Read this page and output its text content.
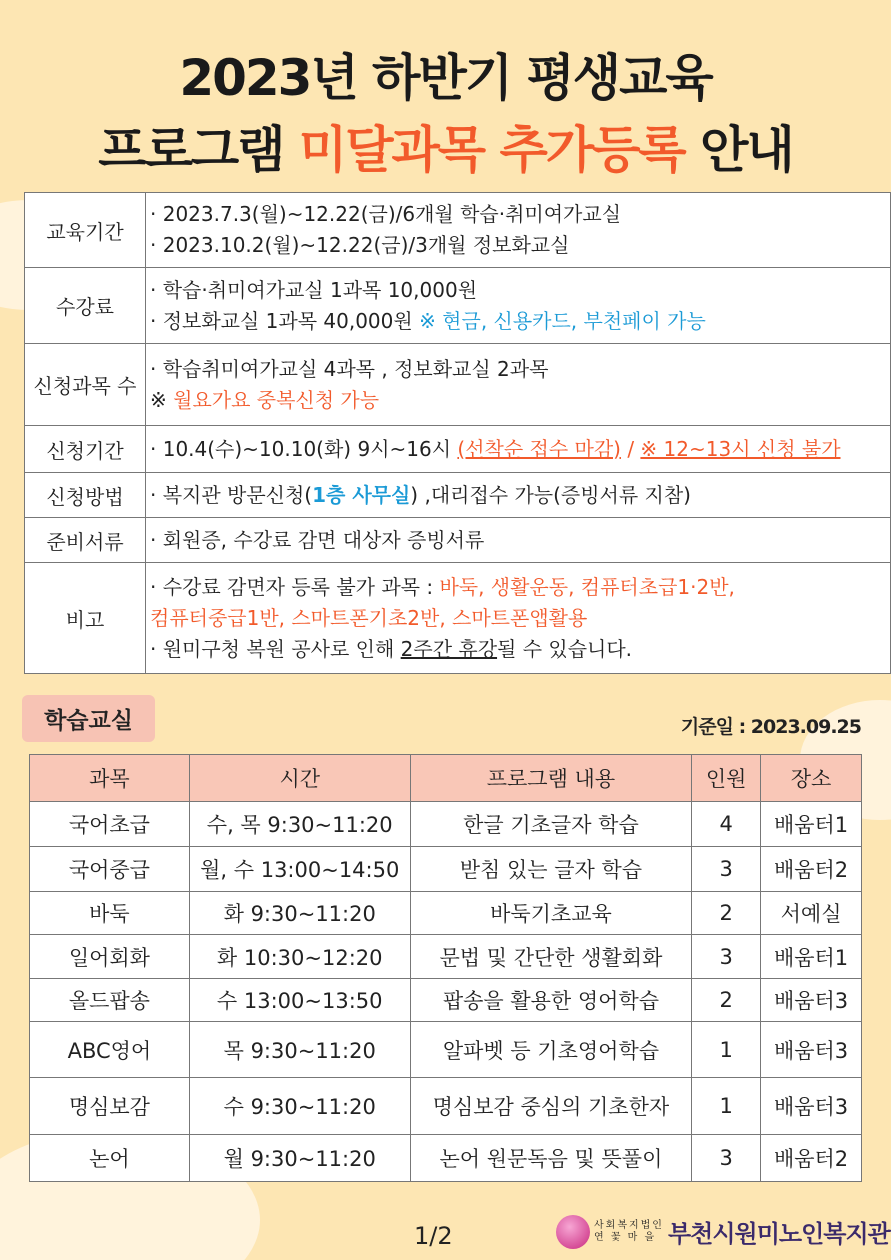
2023년 하반기 평생교육
프로그램 미달과목 추가등록 안내
교육기간	· 2023.7.3(월)~12.22(금)/6개월 학습·취미여가교실
· 2023.10.2(월)~12.22(금)/3개월 정보화교실

수강료	· 학습·취미여가교실 1과목 10,000원
· 정보화교실 1과목 40,000원 ※ 현금, 신용카드, 부천페이 가능

신청과목 수	· 학습취미여가교실 4과목 , 정보화교실 2과목
※ 월요가요 중복신청 가능

신청기간	· 10.4(수)~10.10(화) 9시~16시 (선착순 접수 마감) / ※ 12~13시 신청 불가
신청방법	· 복지관 방문신청(1층 사무실) ,대리접수 가능(증빙서류 지참)
준비서류	· 회원증, 수강료 감면 대상자 증빙서류
비고	· 수강료 감면자 등록 불가 과목 : 바둑, 생활운동, 컴퓨터초급1·2반,
컴퓨터중급1반, 스마트폰기초2반, 스마트폰앱활용
· 원미구청 복원 공사로 인해 2주간 휴강될 수 있습니다.
학습교실	기준일 : 2023.09.25
과목	시간	프로그램 내용	인원	장소
국어초급	수, 목 9:30~11:20	한글 기초글자 학습	4	배움터1
국어중급	월, 수 13:00~14:50	받침 있는 글자 학습	3	배움터2
바둑	화 9:30~11:20	바둑기초교육	2	서예실
일어회화	화 10:30~12:20	문법 및 간단한 생활회화	3	배움터1
올드팝송	수 13:00~13:50	팝송을 활용한 영어학습	2	배움터3
ABC영어	목 9:30~11:20	알파벳 등 기초영어학습	1	배움터3
명심보감	수 9:30~11:20	명심보감 중심의 기초한자	1	배움터3
논어	월 9:30~11:20	논어 원문독음 및 뜻풀이	3	배움터2
1/2	사회복지법인
연 꽃 마 을 부천시원미노인복지관
